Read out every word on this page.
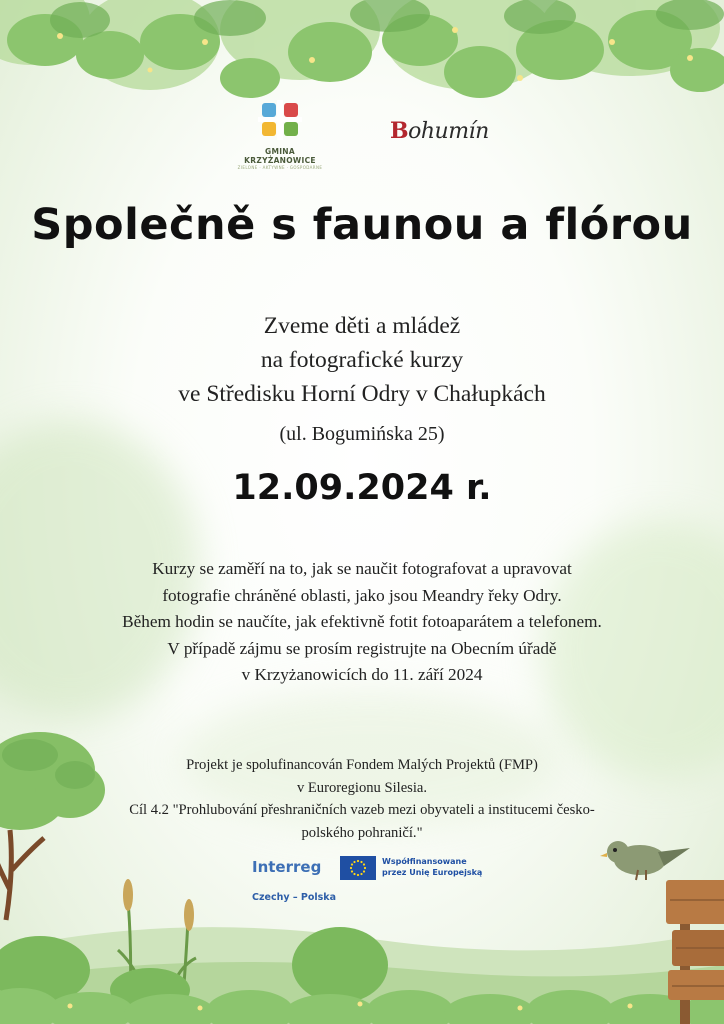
GMINA KRZYŻANOWICE
ZIELONE · AKTYWNE · GOSPODARNE
Bohumín
Společně s faunou a flórou
Zveme děti a mládež
na fotografické kurzy
ve Středisku Horní Odry v Chałupkách
(ul. Bogumińska 25)
12.09.2024 r.
Kurzy se zaměří na to, jak se naučit fotografovat a upravovat
fotografie chráněné oblasti, jako jsou Meandry řeky Odry.
Během hodin se naučíte, jak efektivně fotit fotoaparátem a telefonem.
V případě zájmu se prosím registrujte na Obecním úřadě
v Krzyżanowicích do 11. září 2024
Projekt je spolufinancován Fondem Malých Projektů (FMP)
v Euroregionu Silesia.
Cíl 4.2 "Prohlubování přeshraničních vazeb mezi obyvateli a institucemi česko-
polského pohraničí."
Interreg
Czechy – Polska
Współfinansowane
przez Unię Europejską
